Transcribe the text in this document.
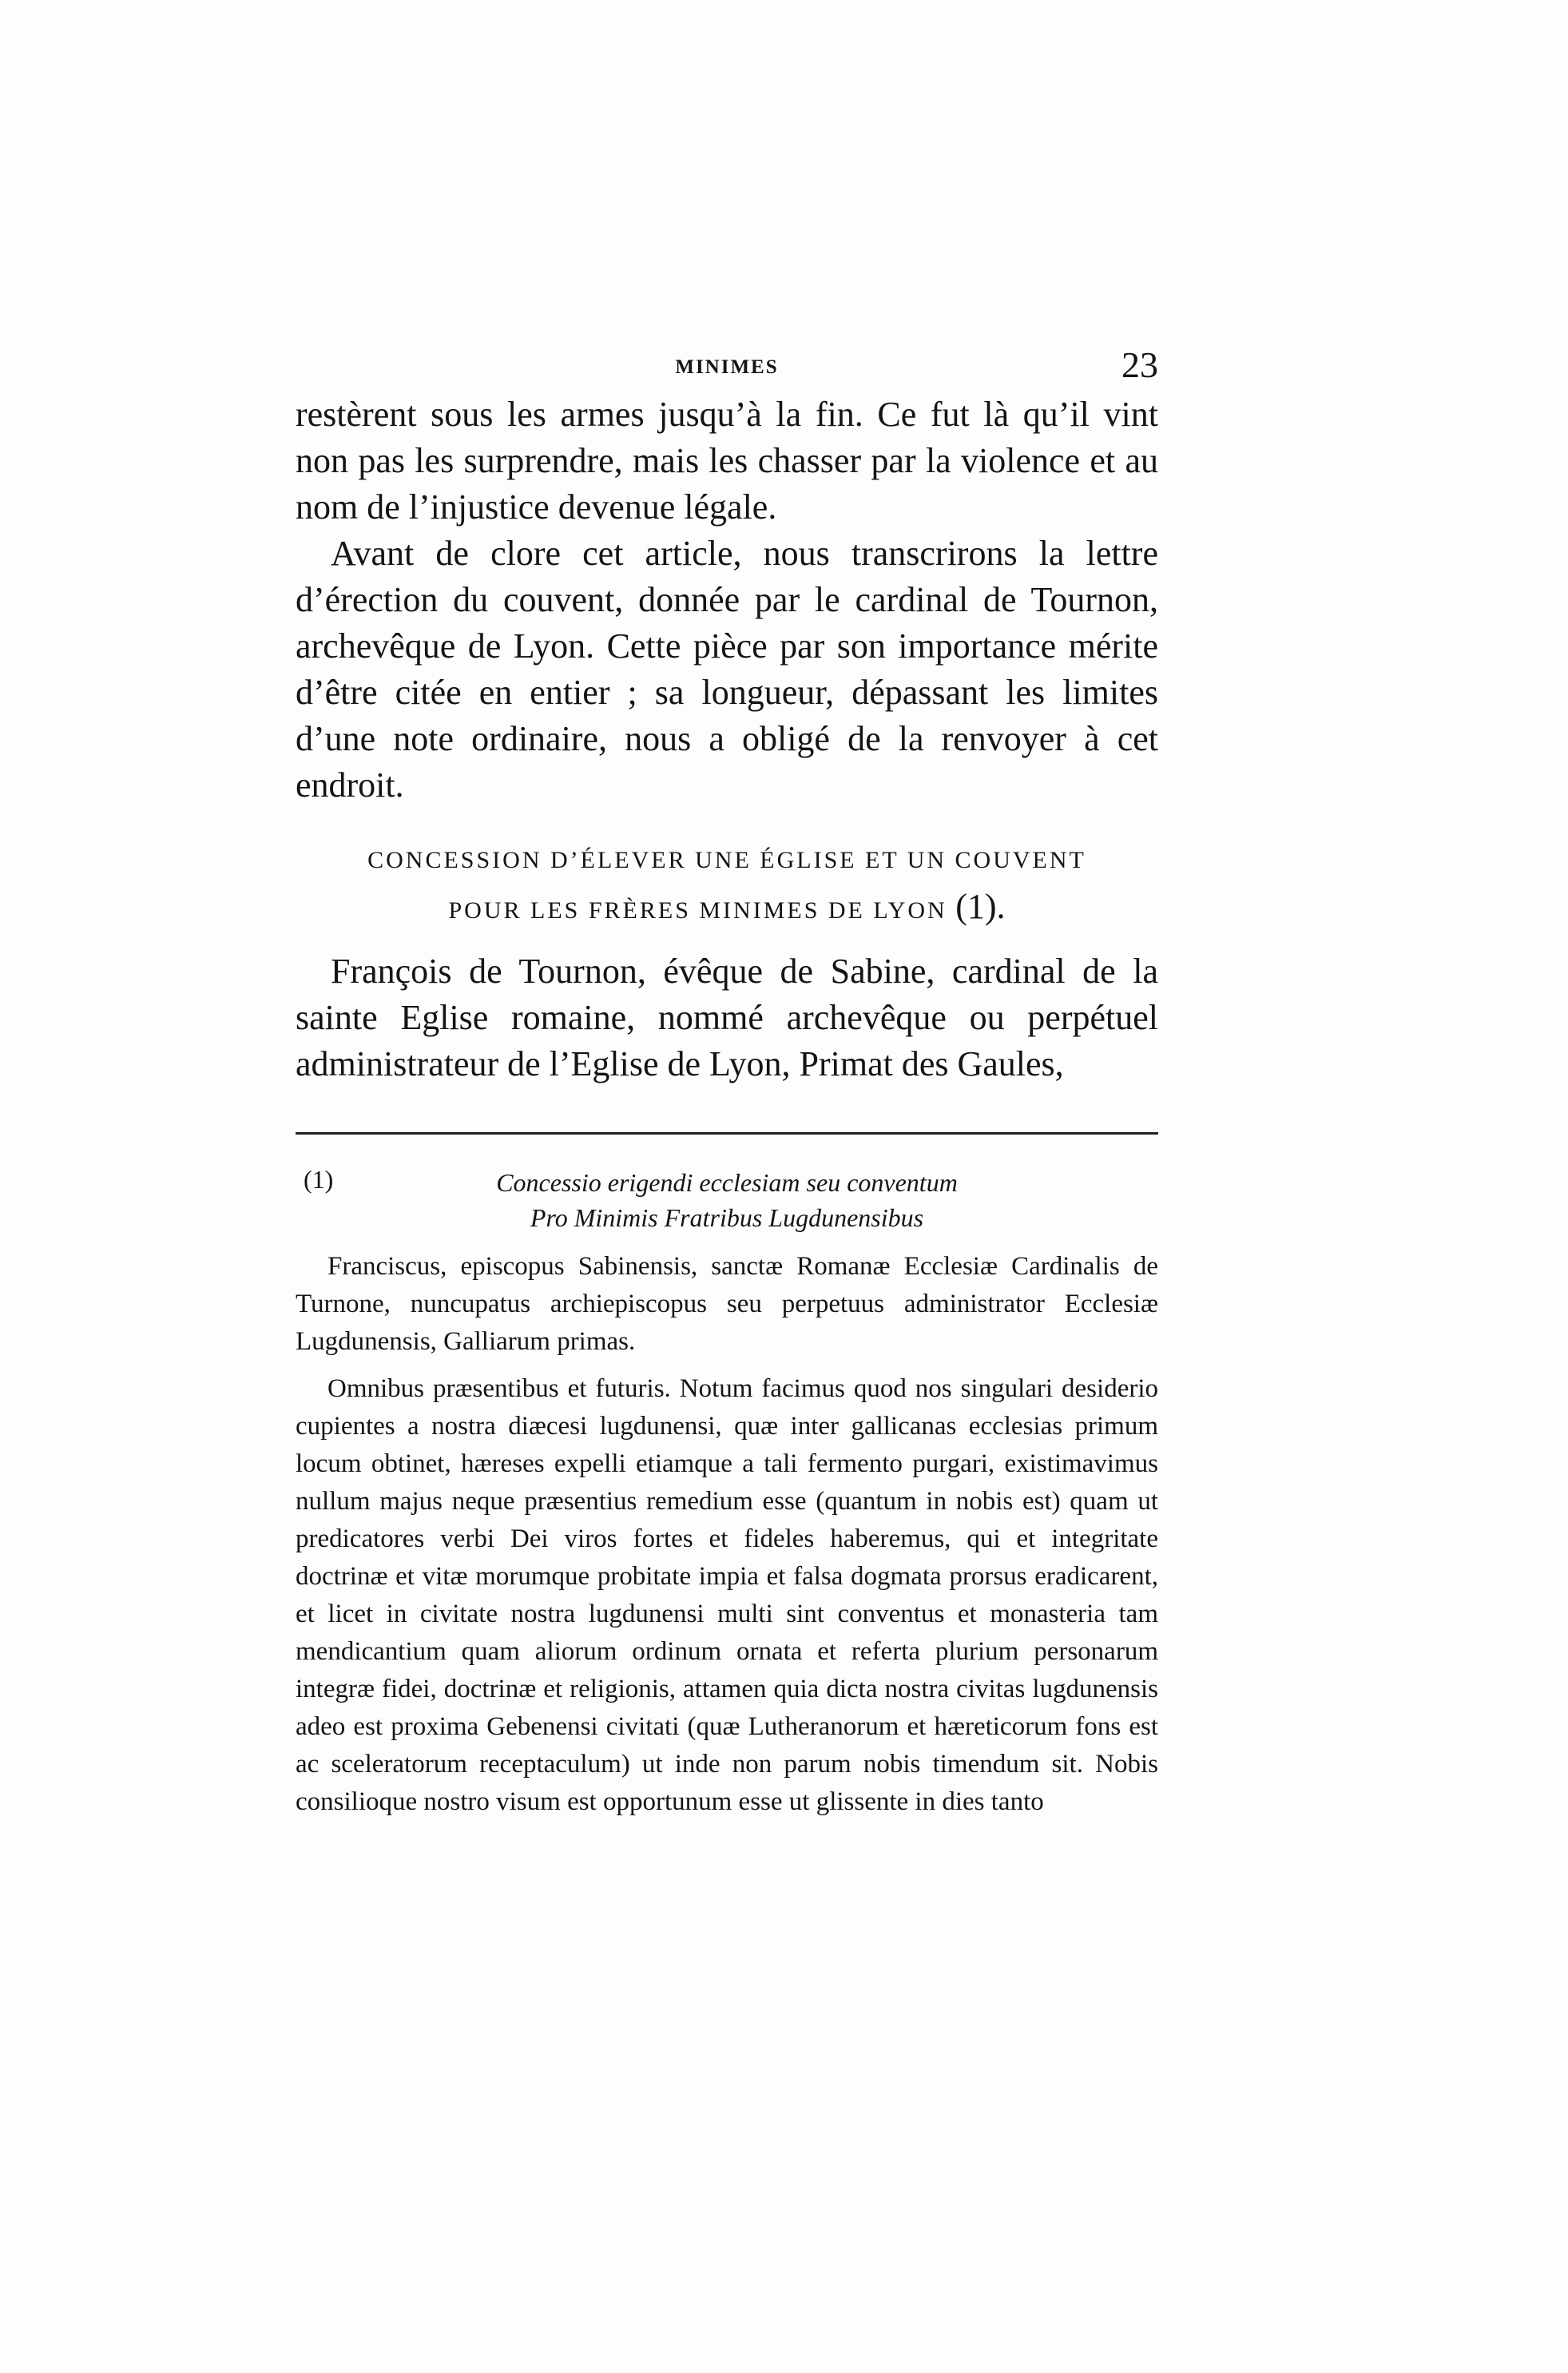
MINIMES	23

restèrent sous les armes jusqu’à la fin. Ce fut là qu’il vint non pas les surprendre, mais les chasser par la violence et au nom de l’injustice devenue légale.

Avant de clore cet article, nous transcrirons la lettre d’érection du couvent, donnée par le cardinal de Tournon, archevêque de Lyon. Cette pièce par son importance mérite d’être citée en entier ; sa longueur, dépassant les limites d’une note ordinaire, nous a obligé de la renvoyer à cet endroit.

CONCESSION D’ÉLEVER UNE ÉGLISE ET UN COUVENT
POUR LES FRÈRES MINIMES DE LYON (1).

François de Tournon, évêque de Sabine, cardinal de la sainte Eglise romaine, nommé archevêque ou perpétuel administrateur de l’Eglise de Lyon, Primat des Gaules,

(1)	Concessio erigendi ecclesiam seu conventum
Pro Minimis Fratribus Lugdunensibus

Franciscus, episcopus Sabinensis, sanctæ Romanæ Ecclesiæ Cardinalis de Turnone, nuncupatus archiepiscopus seu perpetuus administrator Ecclesiæ Lugdunensis, Galliarum primas.

Omnibus præsentibus et futuris. Notum facimus quod nos singulari desiderio cupientes a nostra diæcesi lugdunensi, quæ inter gallicanas ecclesias primum locum obtinet, hæreses expelli etiamque a tali fermento purgari, existimavimus nullum majus neque præsentius remedium esse (quantum in nobis est) quam ut predicatores verbi Dei viros fortes et fideles haberemus, qui et integritate doctrinæ et vitæ morumque probitate impia et falsa dogmata prorsus eradicarent, et licet in civitate nostra lugdunensi multi sint conventus et monasteria tam mendicantium quam aliorum ordinum ornata et referta plurium personarum integræ fidei, doctrinæ et religionis, attamen quia dicta nostra civitas lugdunensis adeo est proxima Gebenensi civitati (quæ Lutheranorum et hæreticorum fons est ac sceleratorum receptaculum) ut inde non parum nobis timendum sit. Nobis consilioque nostro visum est opportunum esse ut glissente in dies tanto
